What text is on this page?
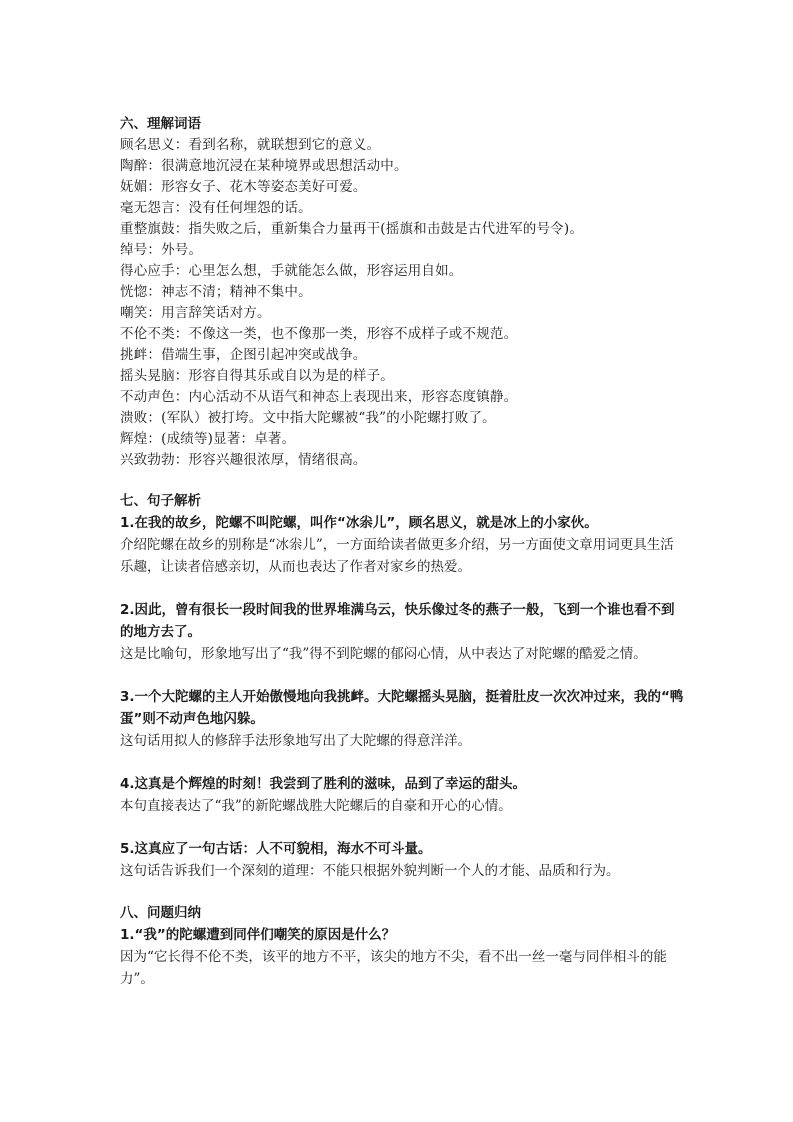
六、理解词语
顾名思义：看到名称，就联想到它的意义。
陶醉：很满意地沉浸在某种境界或思想活动中。
妩媚：形容女子、花木等姿态美好可爱。
毫无怨言：没有任何埋怨的话。
重整旗鼓：指失败之后，重新集合力量再干(摇旗和击鼓是古代进军的号令)。
绰号：外号。
得心应手：心里怎么想，手就能怎么做，形容运用自如。
恍惚：神志不清；精神不集中。
嘲笑：用言辞笑话对方。
不伦不类：不像这一类，也不像那一类，形容不成样子或不规范。
挑衅：借端生事，企图引起冲突或战争。
摇头晃脑：形容自得其乐或自以为是的样子。
不动声色：内心活动不从语气和神态上表现出来，形容态度镇静。
溃败：(军队）被打垮。文中指大陀螺被“我”的小陀螺打败了。
辉煌：(成绩等)显著：卓著。
兴致勃勃：形容兴趣很浓厚，情绪很高。
七、句子解析
1.在我的故乡，陀螺不叫陀螺，叫作“冰尜儿”，顾名思义，就是冰上的小家伙。
介绍陀螺在故乡的别称是“冰尜儿”，一方面给读者做更多介绍，另一方面使文章用词更具生活乐趣，让读者倍感亲切，从而也表达了作者对家乡的热爱。
2.因此，曾有很长一段时间我的世界堆满乌云，快乐像过冬的燕子一般，飞到一个谁也看不到的地方去了。
这是比喻句，形象地写出了“我”得不到陀螺的郁闷心情，从中表达了对陀螺的酷爱之情。
3.一个大陀螺的主人开始傲慢地向我挑衅。大陀螺摇头晃脑，挺着肚皮一次次冲过来，我的“鸭蛋”则不动声色地闪躲。
这句话用拟人的修辞手法形象地写出了大陀螺的得意洋洋。
4.这真是个辉煌的时刻！我尝到了胜利的滋味，品到了幸运的甜头。
本句直接表达了“我”的新陀螺战胜大陀螺后的自豪和开心的心情。
5.这真应了一句古话：人不可貌相，海水不可斗量。
这句话告诉我们一个深刻的道理：不能只根据外貌判断一个人的才能、品质和行为。
八、问题归纳
1.“我”的陀螺遭到同伴们嘲笑的原因是什么？
因为“它长得不伦不类，该平的地方不平，该尖的地方不尖，看不出一丝一毫与同伴相斗的能力”。
